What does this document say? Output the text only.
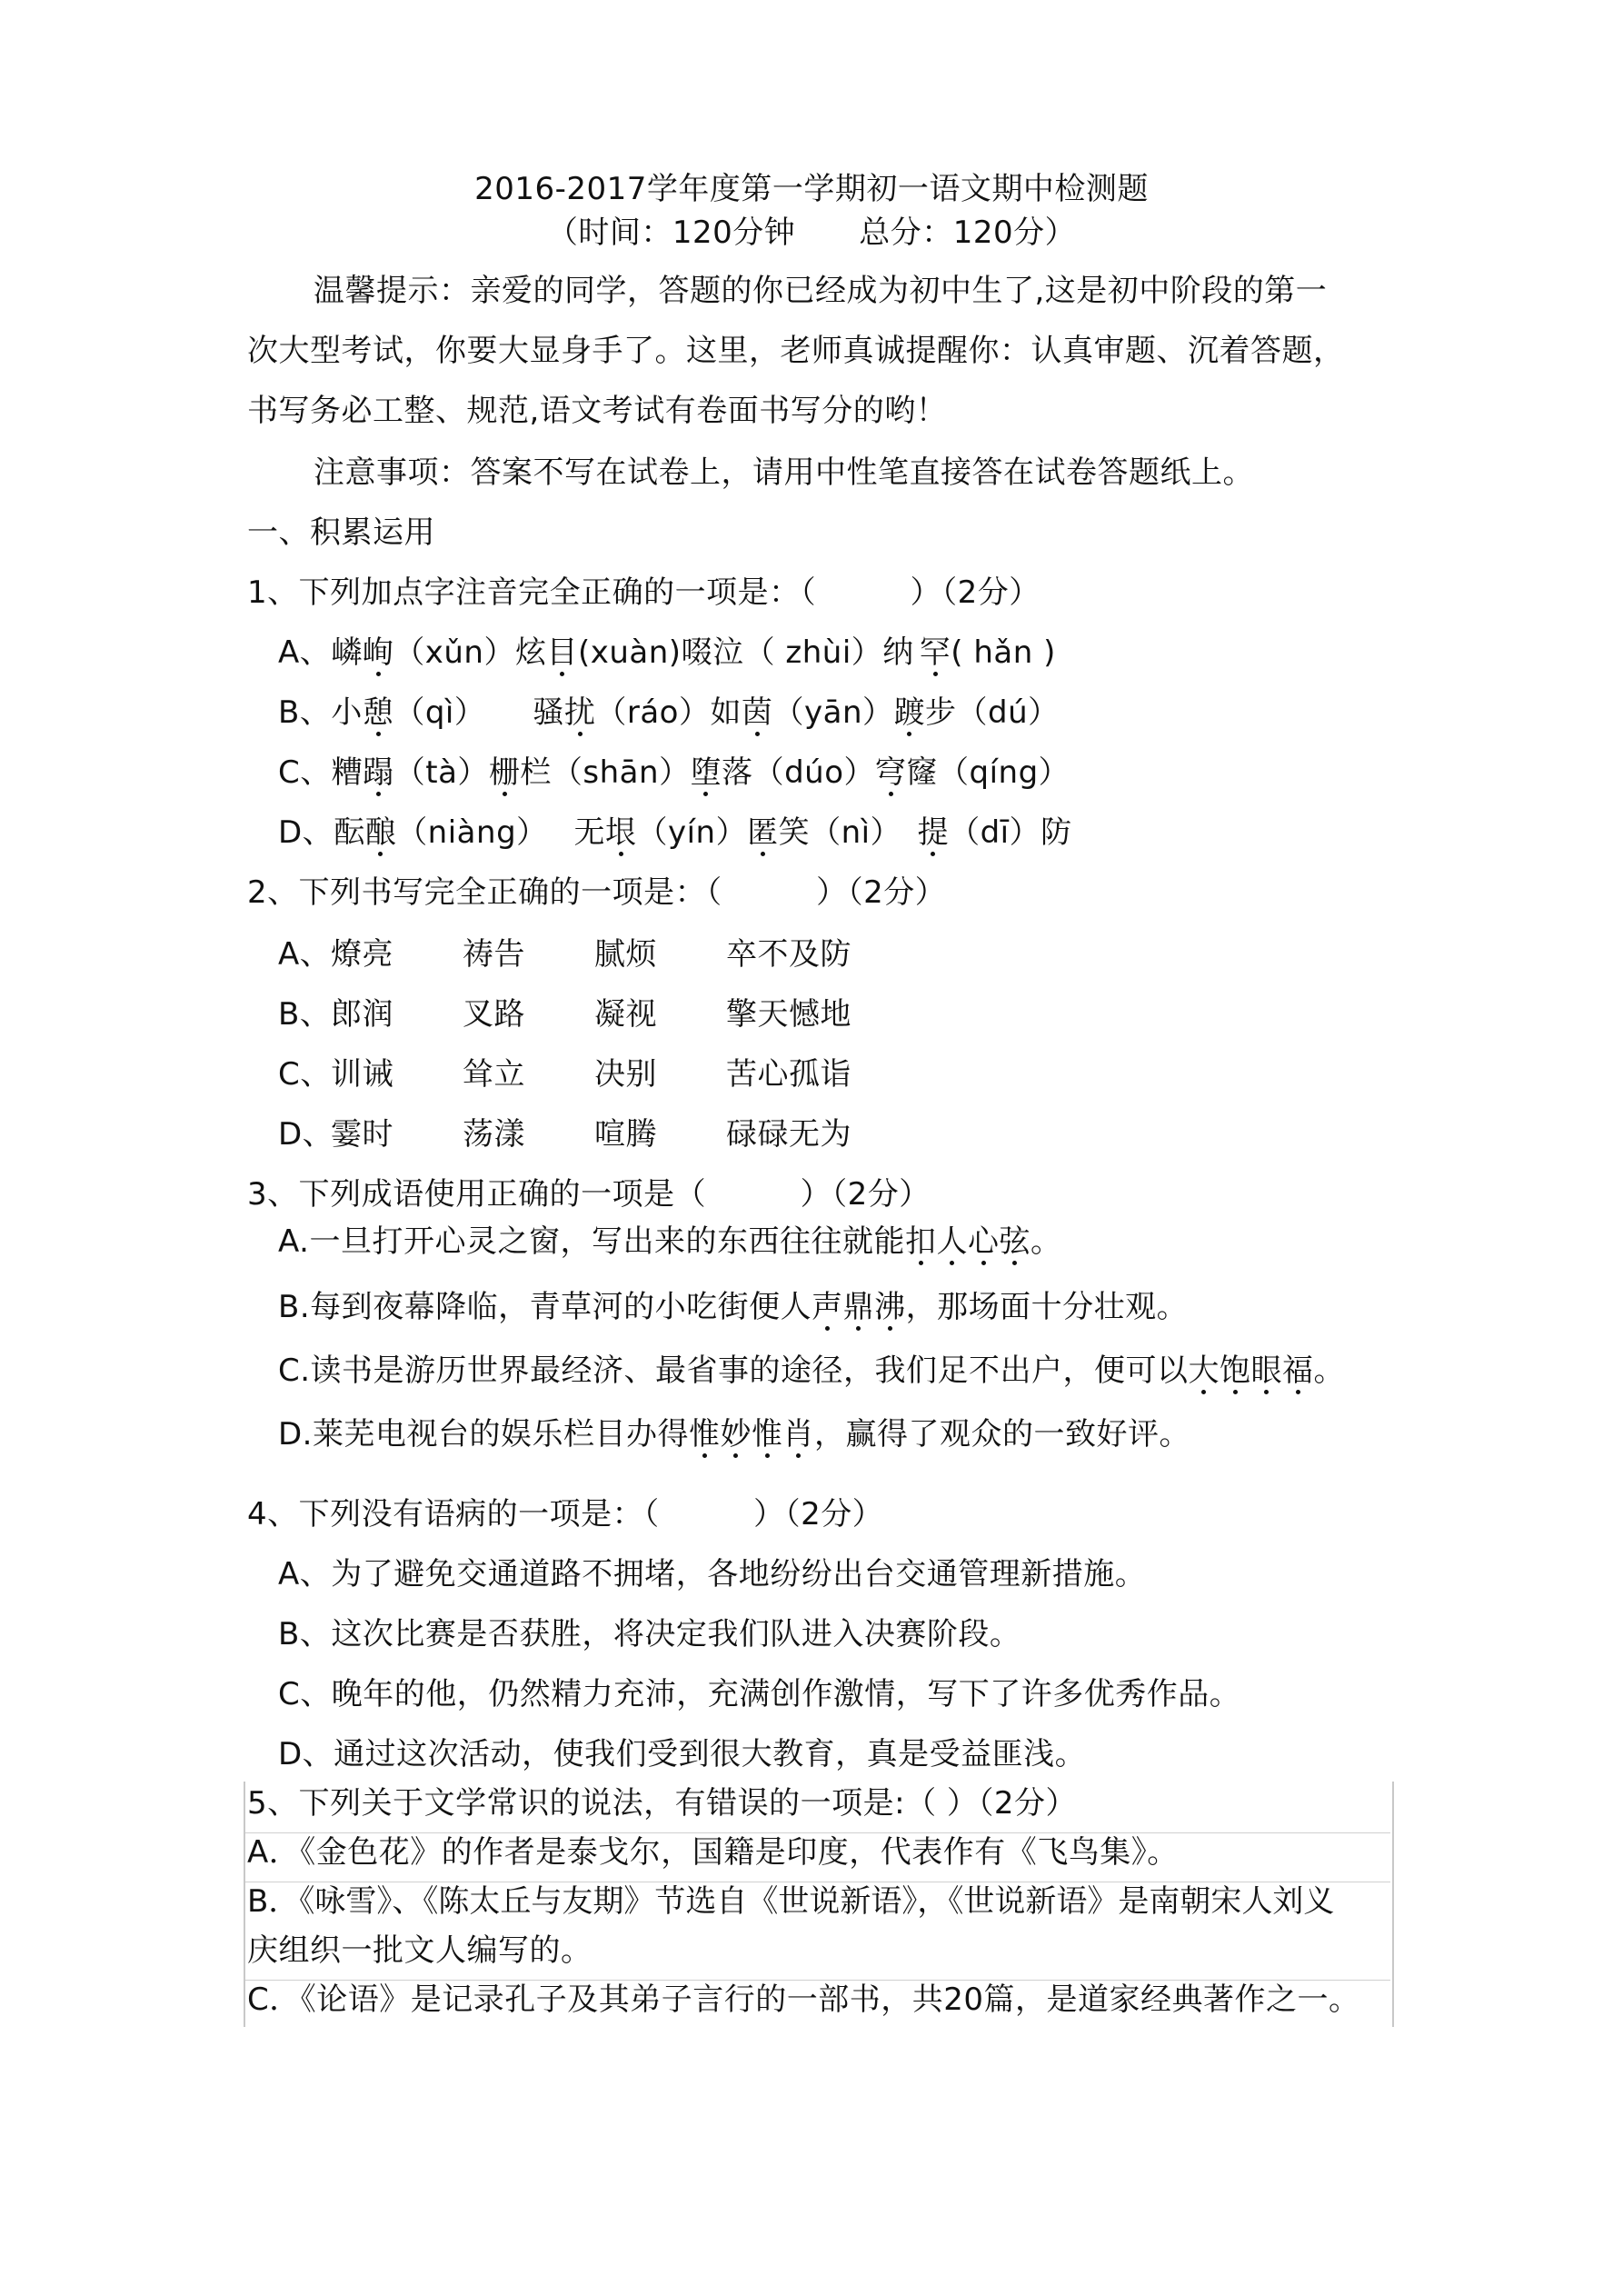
2016-2017学年度第一学期初一语文期中检测题
（时间：120分钟 总分：120分）
温馨提示：亲爱的同学，答题的你已经成为初中生了,这是初中阶段的第一
次大型考试，你要大显身手了。这里，老师真诚提醒你：认真审题、沉着答题，
书写务必工整、规范,语文考试有卷面书写分的哟！
注意事项：答案不写在试卷上，请用中性笔直接答在试卷答题纸上。
一、积累运用
1、下列加点字注音完全正确的一项是：（　　　）（2分）
A、嶙峋（xǔn）炫目(xuàn)啜泣（ zhùi）纳 罕( hǎn )
B、小憩（qì）　　骚扰（ráo）如茵（yān）踱步（dú）
C、糟蹋（tà）栅栏（shān）堕落（dúo）穹窿（qíng）
D、酝酿（niàng）　 无垠（yín）匿笑（nì）　提（dī）防
2、下列书写完全正确的一项是：（　　　）（2分）
A、燎亮 祷告 腻烦 卒不及防
B、郎润 叉路 凝视 擎天憾地
C、训诫 耸立 决别 苦心孤诣
D、霎时 荡漾 喧腾 碌碌无为
3、下列成语使用正确的一项是（　　　）（2分）
A.一旦打开心灵之窗，写出来的东西往往就能扣人心弦。
B.每到夜幕降临，青草河的小吃街便人声鼎沸，那场面十分壮观。
C.读书是游历世界最经济、最省事的途径，我们足不出户，便可以大饱眼福。
D.莱芜电视台的娱乐栏目办得惟妙惟肖，赢得了观众的一致好评。
4、下列没有语病的一项是：（　　　）（2分）
A、为了避免交通道路不拥堵，各地纷纷出台交通管理新措施。
B、这次比赛是否获胜，将决定我们队进入决赛阶段。
C、晚年的他，仍然精力充沛，充满创作激情，写下了许多优秀作品。
D、通过这次活动，使我们受到很大教育，真是受益匪浅。
5、下列关于文学常识的说法，有错误的一项是:（ ）（2分）
A．《金色花》的作者是泰戈尔，国籍是印度，代表作有《飞鸟集》。
B．《咏雪》、《陈太丘与友期》节选自《世说新语》，《世说新语》是南朝宋人刘义
庆组织一批文人编写的。
C．《论语》是记录孔子及其弟子言行的一部书，共20篇，是道家经典著作之一。
